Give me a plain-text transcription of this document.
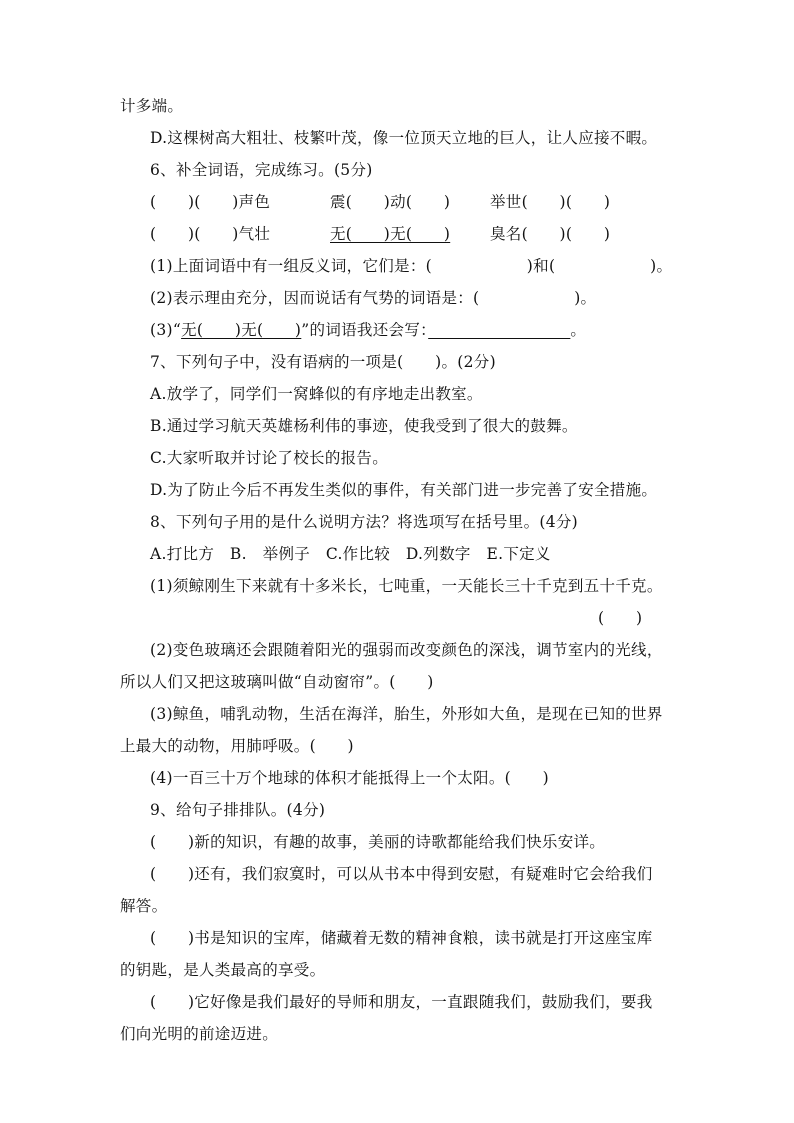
计多端。
D.这棵树高大粗壮、枝繁叶茂，像一位顶天立地的巨人，让人应接不暇。
6、补全词语，完成练习。(5分)
(　　)(　　)声色	震(　　)动(　　)	举世(　　)(　　)
(　　)(　　)气壮	无(　　)无(　　)	臭名(　　)(　　)
(1)上面词语中有一组反义词，它们是：(　　　　　　)和(　　　　　　)。
(2)表示理由充分，因而说话有气势的词语是：(　　　　　　)。
(3)“无(　　)无(　　)”的词语我还会写：　　　　　　　　　	。
7、下列句子中，没有语病的一项是(　　)。(2分)
A.放学了，同学们一窝蜂似的有序地走出教室。
B.通过学习航天英雄杨利伟的事迹，使我受到了很大的鼓舞。
C.大家听取并讨论了校长的报告。
D.为了防止今后不再发生类似的事件，有关部门进一步完善了安全措施。
8、下列句子用的是什么说明方法？将选项写在括号里。(4分)
A.打比方　B.　举例子　C.作比较　D.列数字　E.下定义
(1)须鲸刚生下来就有十多米长，七吨重，一天能长三十千克到五十千克。
(　　)
(2)变色玻璃还会跟随着阳光的强弱而改变颜色的深浅，调节室内的光线，
所以人们又把这玻璃叫做“自动窗帘”。(　　)
(3)鲸鱼，哺乳动物，生活在海洋，胎生，外形如大鱼，是现在已知的世界
上最大的动物，用肺呼吸。(　　)
(4)一百三十万个地球的体积才能抵得上一个太阳。(　　)
9、给句子排排队。(4分)
(　　)新的知识，有趣的故事，美丽的诗歌都能给我们快乐安详。
(　　)还有，我们寂寞时，可以从书本中得到安慰，有疑难时它会给我们
解答。
(　　)书是知识的宝库，储藏着无数的精神食粮，读书就是打开这座宝库
的钥匙，是人类最高的享受。
(　　)它好像是我们最好的导师和朋友，一直跟随我们，鼓励我们，要我
们向光明的前途迈进。
